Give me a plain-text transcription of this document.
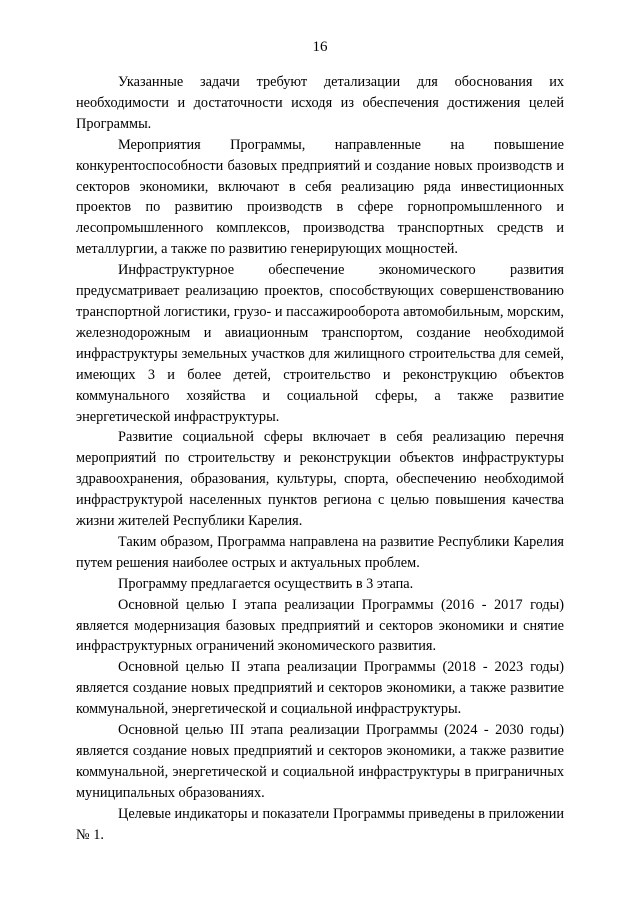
16

Указанные задачи требуют детализации для обоснования их необходимости и достаточности исходя из обеспечения достижения целей Программы.

Мероприятия Программы, направленные на повышение конкурентоспособности базовых предприятий и создание новых производств и секторов экономики, включают в себя реализацию ряда инвестиционных проектов по развитию производств в сфере горнопромышленного и лесопромышленного комплексов, производства транспортных средств и металлургии, а также по развитию генерирующих мощностей.

Инфраструктурное обеспечение экономического развития предусматривает реализацию проектов, способствующих совершенствованию транспортной логистики, грузо- и пассажирооборота автомобильным, морским, железнодорожным и авиационным транспортом, создание необходимой инфраструктуры земельных участков для жилищного строительства для семей, имеющих 3 и более детей, строительство и реконструкцию объектов коммунального хозяйства и социальной сферы, а также развитие энергетической инфраструктуры.

Развитие социальной сферы включает в себя реализацию перечня мероприятий по строительству и реконструкции объектов инфраструктуры здравоохранения, образования, культуры, спорта, обеспечению необходимой инфраструктурой населенных пунктов региона с целью повышения качества жизни жителей Республики Карелия.

Таким образом, Программа направлена на развитие Республики Карелия путем решения наиболее острых и актуальных проблем.

Программу предлагается осуществить в 3 этапа.

Основной целью I этапа реализации Программы (2016 - 2017 годы) является модернизация базовых предприятий и секторов экономики и снятие инфраструктурных ограничений экономического развития.

Основной целью II этапа реализации Программы (2018 - 2023 годы) является создание новых предприятий и секторов экономики, а также развитие коммунальной, энергетической и социальной инфраструктуры.

Основной целью III этапа реализации Программы (2024 - 2030 годы) является создание новых предприятий и секторов экономики, а также развитие коммунальной, энергетической и социальной инфраструктуры в приграничных муниципальных образованиях.

Целевые индикаторы и показатели Программы приведены в приложении № 1.
